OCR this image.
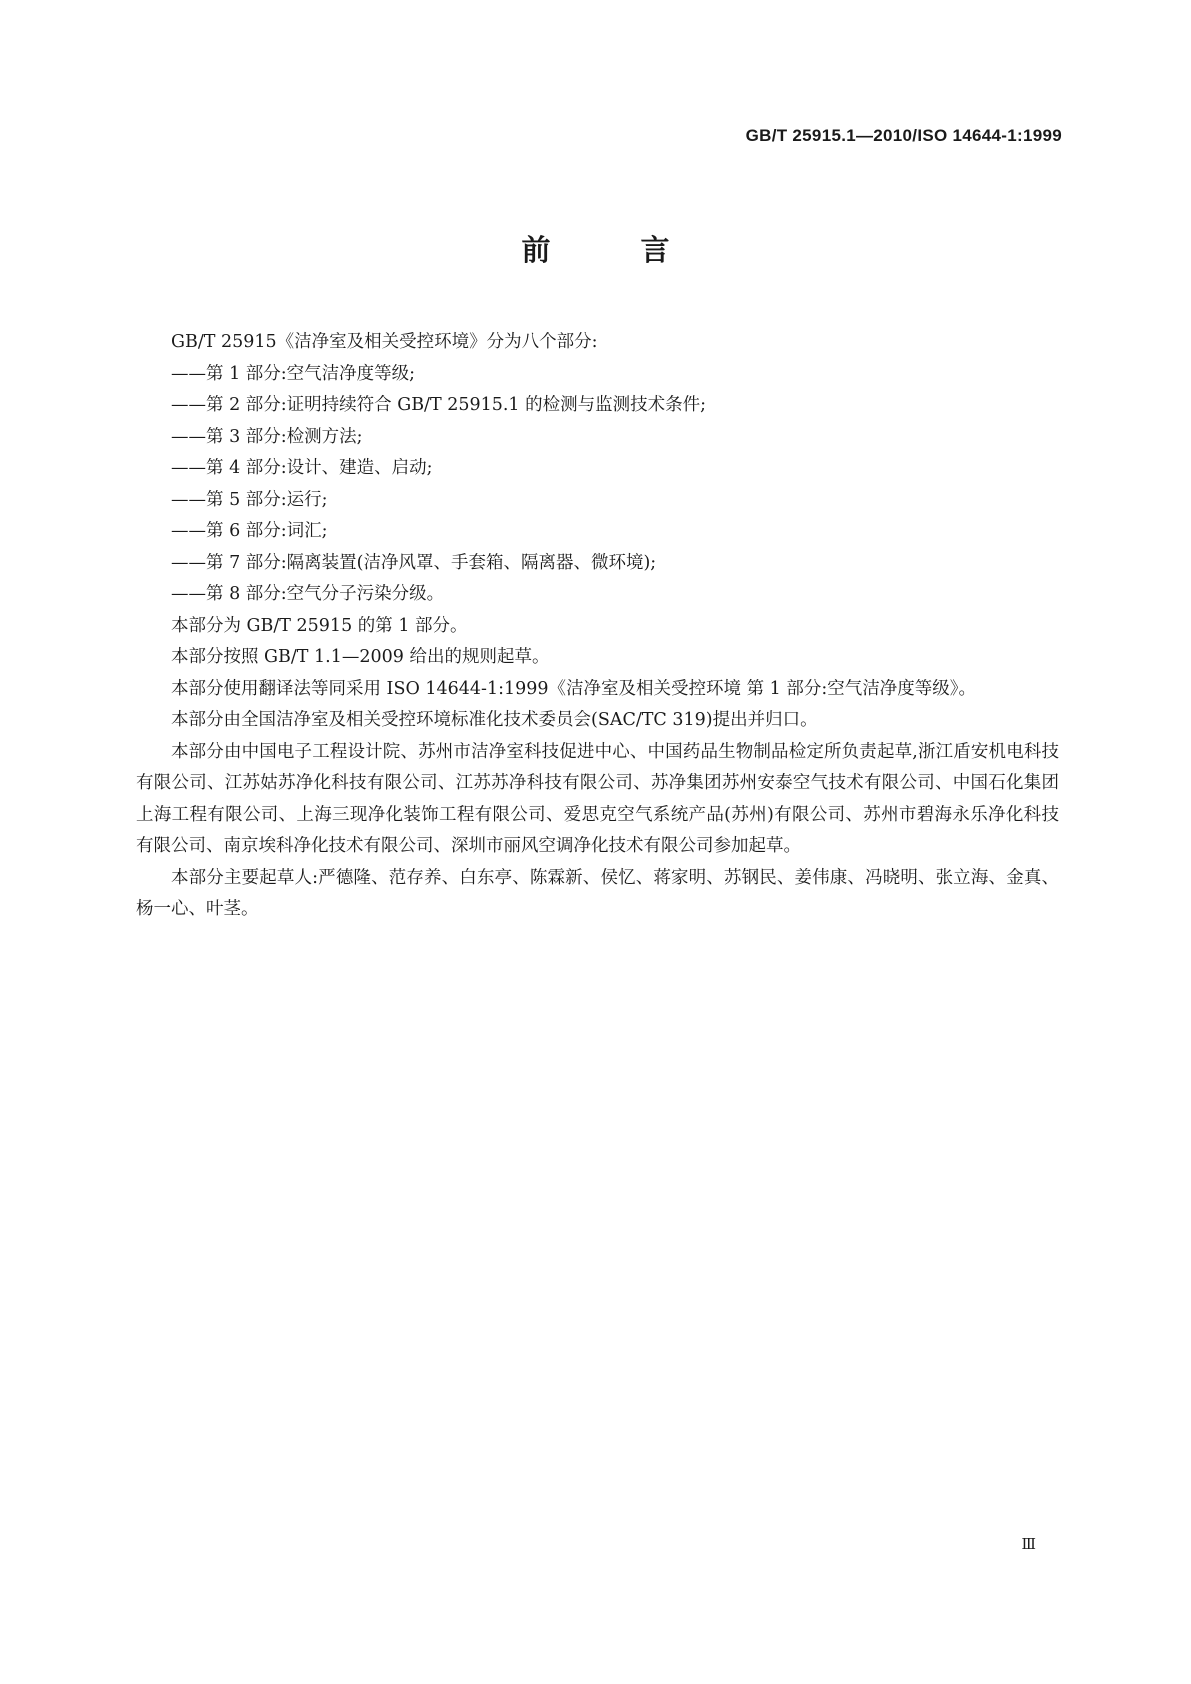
GB/T 25915.1—2010/ISO 14644-1:1999
前 言

GB/T 25915《洁净室及相关受控环境》分为八个部分:

——第 1 部分:空气洁净度等级;

——第 2 部分:证明持续符合 GB/T 25915.1 的检测与监测技术条件;

——第 3 部分:检测方法;

——第 4 部分:设计、建造、启动;

——第 5 部分:运行;

——第 6 部分:词汇;

——第 7 部分:隔离装置(洁净风罩、手套箱、隔离器、微环境);

——第 8 部分:空气分子污染分级。

本部分为 GB/T 25915 的第 1 部分。

本部分按照 GB/T 1.1—2009 给出的规则起草。

本部分使用翻译法等同采用 ISO 14644-1:1999《洁净室及相关受控环境 第 1 部分:空气洁净度等级》。

本部分由全国洁净室及相关受控环境标准化技术委员会(SAC/TC 319)提出并归口。

本部分由中国电子工程设计院、苏州市洁净室科技促进中心、中国药品生物制品检定所负责起草,浙江盾安机电科技有限公司、江苏姑苏净化科技有限公司、江苏苏净科技有限公司、苏净集团苏州安泰空气技术有限公司、中国石化集团上海工程有限公司、上海三现净化装饰工程有限公司、爱思克空气系统产品(苏州)有限公司、苏州市碧海永乐净化科技有限公司、南京埃科净化技术有限公司、深圳市丽风空调净化技术有限公司参加起草。

本部分主要起草人:严德隆、范存养、白东亭、陈霖新、侯忆、蒋家明、苏钢民、姜伟康、冯晓明、张立海、金真、杨一心、叶茎。

Ⅲ
